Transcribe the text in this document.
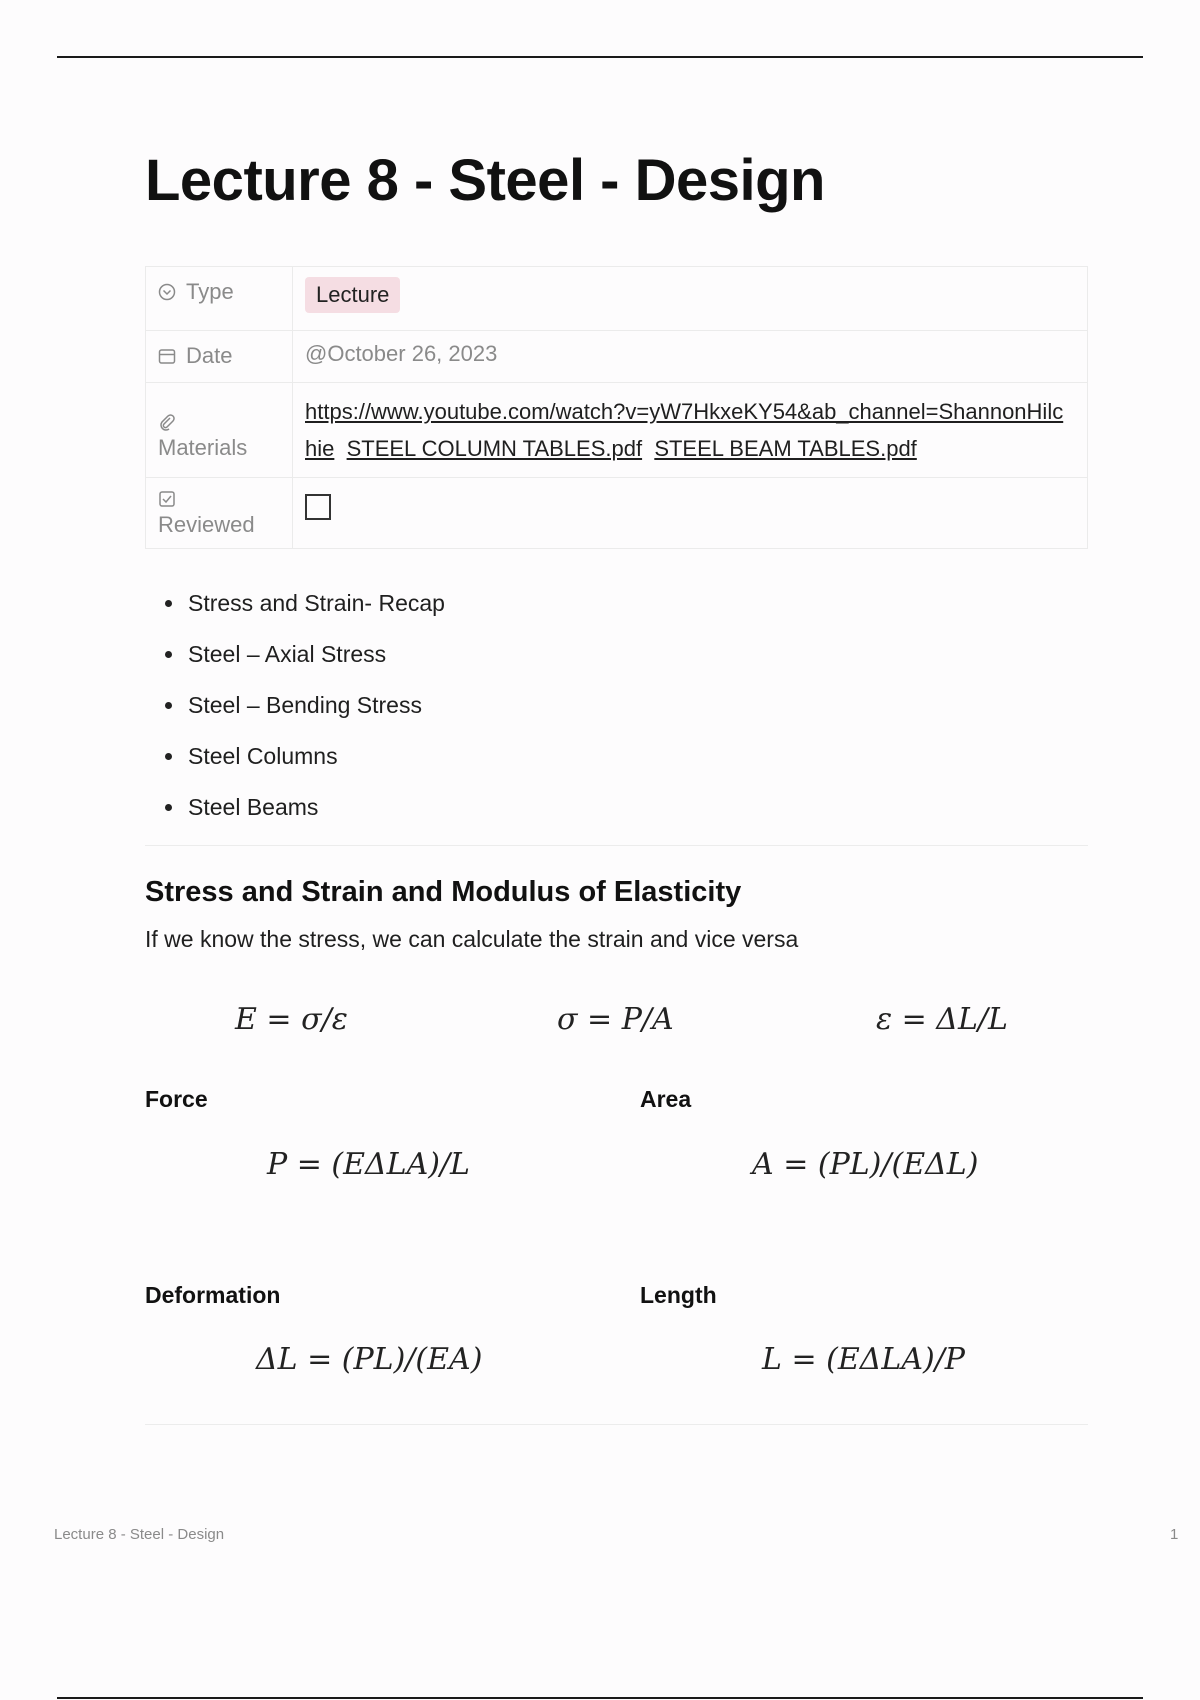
Lecture 8 - Steel - Design
Type	Lecture
Date	@October 26, 2023

Materials	https://www.youtube.com/watch?v=yW7HkxeKY54&ab_channel=ShannonHilchie STEEL COLUMN TABLES.pdf STEEL BEAM TABLES.pdf

Reviewed	
Stress and Strain- Recap
Steel – Axial Stress
Steel – Bending Stress
Steel Columns
Steel Beams
Stress and Strain and Modulus of Elasticity
If we know the stress, we can calculate the strain and vice versa
E = σ/ε	σ = P/A	ε = ΔL/L
Force	Area
P = (EΔLA)/L	A = (PL)/(EΔL)
Deformation	Length
ΔL = (PL)/(EA)	L = (EΔLA)/P
Lecture 8 - Steel - Design	1
